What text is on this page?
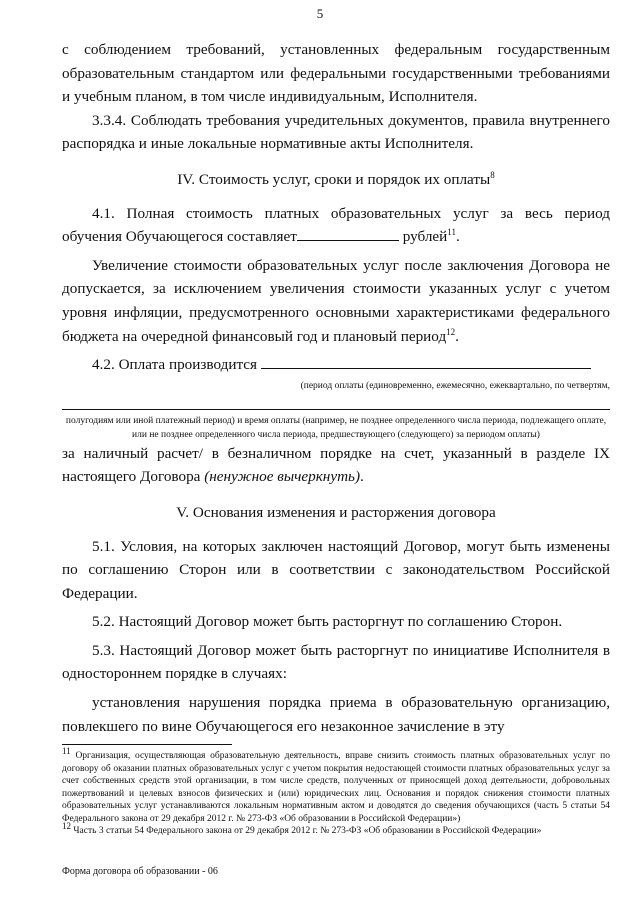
5

с соблюдением требований, установленных федеральным государственным образовательным стандартом или федеральными государственными требованиями и учебным планом, в том числе индивидуальным, Исполнителя.

3.3.4. Соблюдать требования учредительных документов, правила внутреннего распорядка и иные локальные нормативные акты Исполнителя.

IV. Стоимость услуг, сроки и порядок их оплаты$^8$

4.1. Полная стоимость платных образовательных услуг за весь период обучения Обучающегося составляет	рублей$^{11}$.

Увеличение стоимости образовательных услуг после заключения Договора не допускается, за исключением увеличения стоимости указанных услуг с учетом уровня инфляции, предусмотренного основными характеристиками федерального бюджета на очередной финансовый год и плановый период$^{12}$.

4.2. Оплата производится

(период оплаты (единовременно, ежемесячно, ежеквартально, по четвертям,

полугодиям или иной платежный период) и время оплаты (например, не позднее определенного числа периода, подлежащего оплате, или не позднее определенного числа периода, предшествующего (следующего) за периодом оплаты)

за наличный расчет/ в безналичном порядке на счет, указанный в разделе IX настоящего Договора (ненужное вычеркнуть).

V. Основания изменения и расторжения договора

5.1. Условия, на которых заключен настоящий Договор, могут быть изменены по соглашению Сторон или в соответствии с законодательством Российской Федерации.

5.2. Настоящий Договор может быть расторгнут по соглашению Сторон.

5.3. Настоящий Договор может быть расторгнут по инициативе Исполнителя в одностороннем порядке в случаях:

установления нарушения порядка приема в образовательную организацию, повлекшего по вине Обучающегося его незаконное зачисление в эту

$^{11}$ Организация, осуществляющая образовательную деятельность, вправе снизить стоимость платных образовательных услуг по договору об оказании платных образовательных услуг с учетом покрытия недостающей стоимости платных образовательных услуг за счет собственных средств этой организации, в том числе средств, полученных от приносящей доход деятельности, добровольных пожертвований и целевых взносов физических и (или) юридических лиц. Основания и порядок снижения стоимости платных образовательных услуг устанавливаются локальным нормативным актом и доводятся до сведения обучающихся (часть 5 статьи 54 Федерального закона от 29 декабря 2012 г. № 273-ФЗ «Об образовании в Российской Федерации»)

$^{12}$ Часть 3 статьи 54 Федерального закона от 29 декабря 2012 г. № 273-ФЗ «Об образовании в Российской Федерации»

Форма договора об образовании - 06
